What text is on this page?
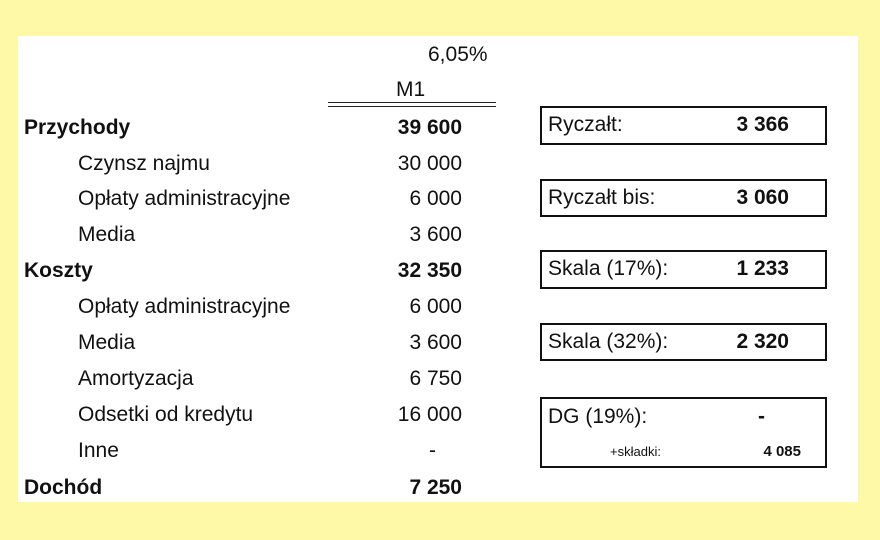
6,05%
M1
Przychody	39 600
Czynsz najmu	30 000
Opłaty administracyjne	6 000
Media	3 600
Koszty	32 350
Opłaty administracyjne	6 000
Media	3 600
Amortyzacja	6 750
Odsetki od kredytu	16 000
Inne	-
Dochód	7 250
Ryczałt:	3 366
Ryczałt bis:	3 060
Skala (17%):	1 233
Skala (32%):	2 320
DG (19%):	-
+składki:	4 085
